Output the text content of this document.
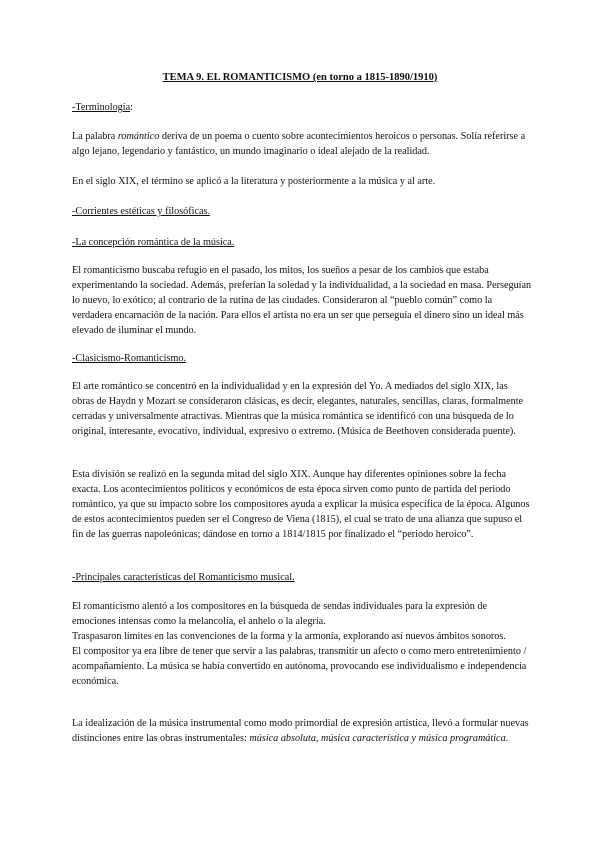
TEMA 9. EL ROMANTICISMO (en torno a 1815-1890/1910)
-Terminología:

La palabra romántico deriva de un poema o cuento sobre acontecimientos heroicos o personas. Solía referirse a algo lejano, legendario y fantástico, un mundo imaginario o ideal alejado de la realidad.

En el siglo XIX, el término se aplicó a la literatura y posteriormente a la música y al arte.

-Corrientes estéticas y filosóficas.
-La concepción romántica de la música.

El romanticismo buscaba refugio en el pasado, los mitos, los sueños a pesar de los cambios que estaba experimentando la sociedad. Además, preferían la soledad y la individualidad, a la sociedad en masa. Perseguían lo nuevo, lo exótico; al contrario de la rutina de las ciudades. Consideraron al “pueblo común” como la verdadera encarnación de la nación. Para ellos el artista no era un ser que perseguía el dinero sino un ideal más elevado de iluminar el mundo.

-Clasicismo-Romanticismo.

El arte romántico se concentró en la individualidad y en la expresión del Yo. A mediados del siglo XIX, las obras de Haydn y Mozart se consideraron clásicas, es decir, elegantes, naturales, sencillas, claras, formalmente cerradas y universalmente atractivas. Mientras que la música romántica se identificó con una búsqueda de lo original, interesante, evocativo, individual, expresivo o extremo. (Música de Beethoven considerada puente).

Esta división se realizó en la segunda mitad del siglo XIX. Aunque hay diferentes opiniones sobre la fecha exacta. Los acontecimientos políticos y económicos de esta época sirven como punto de partida del periodo romántico, ya que su impacto sobre los compositores ayuda a explicar la música específica de la época. Algunos de estos acontecimientos pueden ser el Congreso de Viena (1815), el cual se trato de una alianza que supuso el fin de las guerras napoleónicas; dándose en torno a 1814/1815 por finalizado el “periodo heroico”.

-Principales características del Romanticismo musical.

El romanticismo alentó a los compositores en la búsqueda de sendas individuales para la expresión de emociones intensas como la melancolía, el anhelo o la alegría.

Traspasaron límites en las convenciones de la forma y la armonía, explorando así nuevos ámbitos sonoros.

El compositor ya era libre de tener que servir a las palabras, transmitir un afecto o como mero entretenimiento / acompañamiento. La música se había convertido en autónoma, provocando ese individualismo e independencia económica.

La idealización de la música instrumental como modo primordial de expresión artística, llevó a formular nuevas distinciones entre las obras instrumentales: música absoluta, música característica y música programática.
